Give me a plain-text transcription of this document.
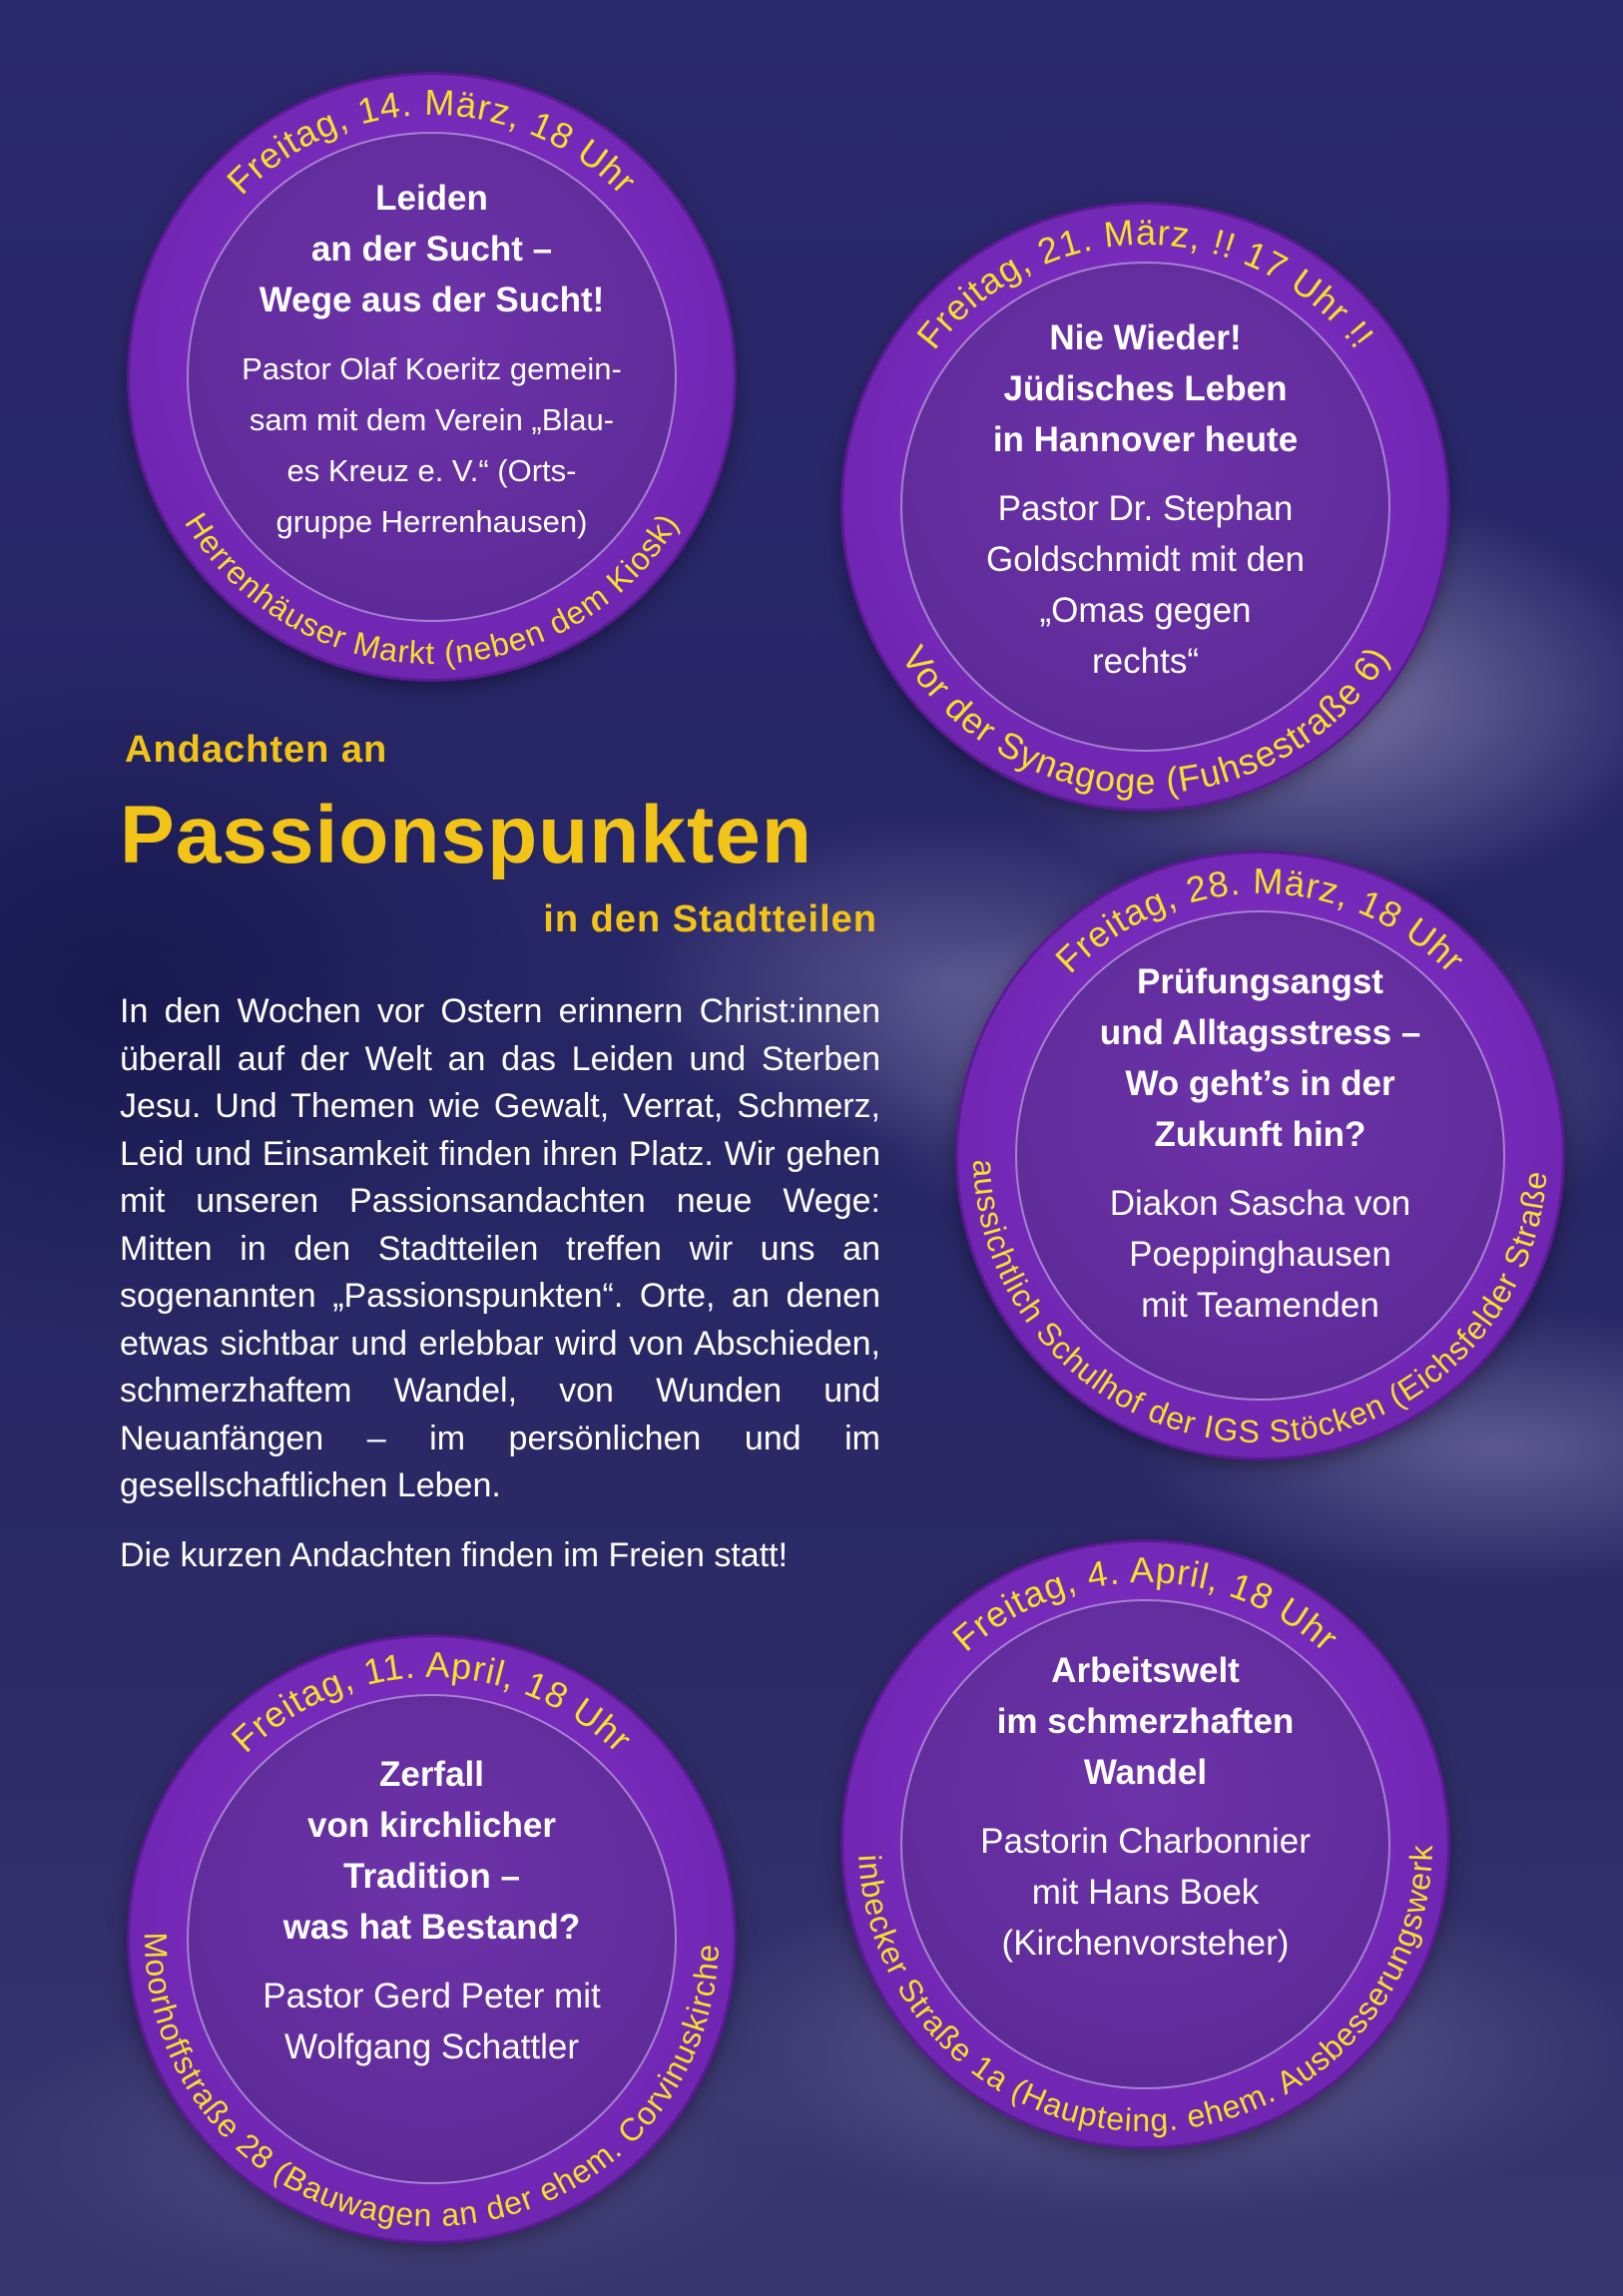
Freitag, 14. März, 18 Uhr
Herrenhäuser Markt (neben dem Kiosk)
Leiden
an der Sucht –
Wege aus der Sucht!
Pastor Olaf Koeritz gemein-
sam mit dem Verein „Blau-
es Kreuz e. V.“ (Orts-
gruppe Herrenhausen)
Freitag, 21. März, !! 17 Uhr !!
Vor der Synagoge (Fuhsestraße 6)
Nie Wieder!
Jüdisches Leben
in Hannover heute
Pastor Dr. Stephan
Goldschmidt mit den
„Omas gegen
rechts“
Freitag, 28. März, 18 Uhr
voraussichtlich Schulhof der IGS Stöcken (Eichsfelder Straße 38)
Prüfungsangst
und Alltagsstress –
Wo geht’s in der
Zukunft hin?
Diakon Sascha von
Poeppinghausen
mit Teamenden
Freitag, 4. April, 18 Uhr
Einbecker Straße 1a (Haupteing. ehem. Ausbesserungswerk)
Arbeitswelt
im schmerzhaften
Wandel
Pastorin Charbonnier
mit Hans Boek
(Kirchenvorsteher)
Freitag, 11. April, 18 Uhr
Moorhoffstraße 28 (Bauwagen an der ehem. Corvinuskirche)
Zerfall
von kirchlicher
Tradition –
was hat Bestand?
Pastor Gerd Peter mit
Wolfgang Schattler
Andachten an
Passionspunkten
in den Stadtteilen

In den Wochen vor Ostern erinnern Christ:innen überall auf der Welt an das Leiden und Sterben Jesu. Und Themen wie Gewalt, Verrat, Schmerz, Leid und Einsamkeit finden ihren Platz. Wir gehen mit unseren Passionsandachten neue Wege: Mitten in den Stadtteilen treffen wir uns an sogenannten „Passionspunkten“. Orte, an denen etwas sichtbar und erlebbar wird von Abschieden, schmerzhaftem Wandel, von Wunden und Neuanfängen – im persönlichen und im gesellschaftlichen Leben.

Die kurzen Andachten finden im Freien statt!
